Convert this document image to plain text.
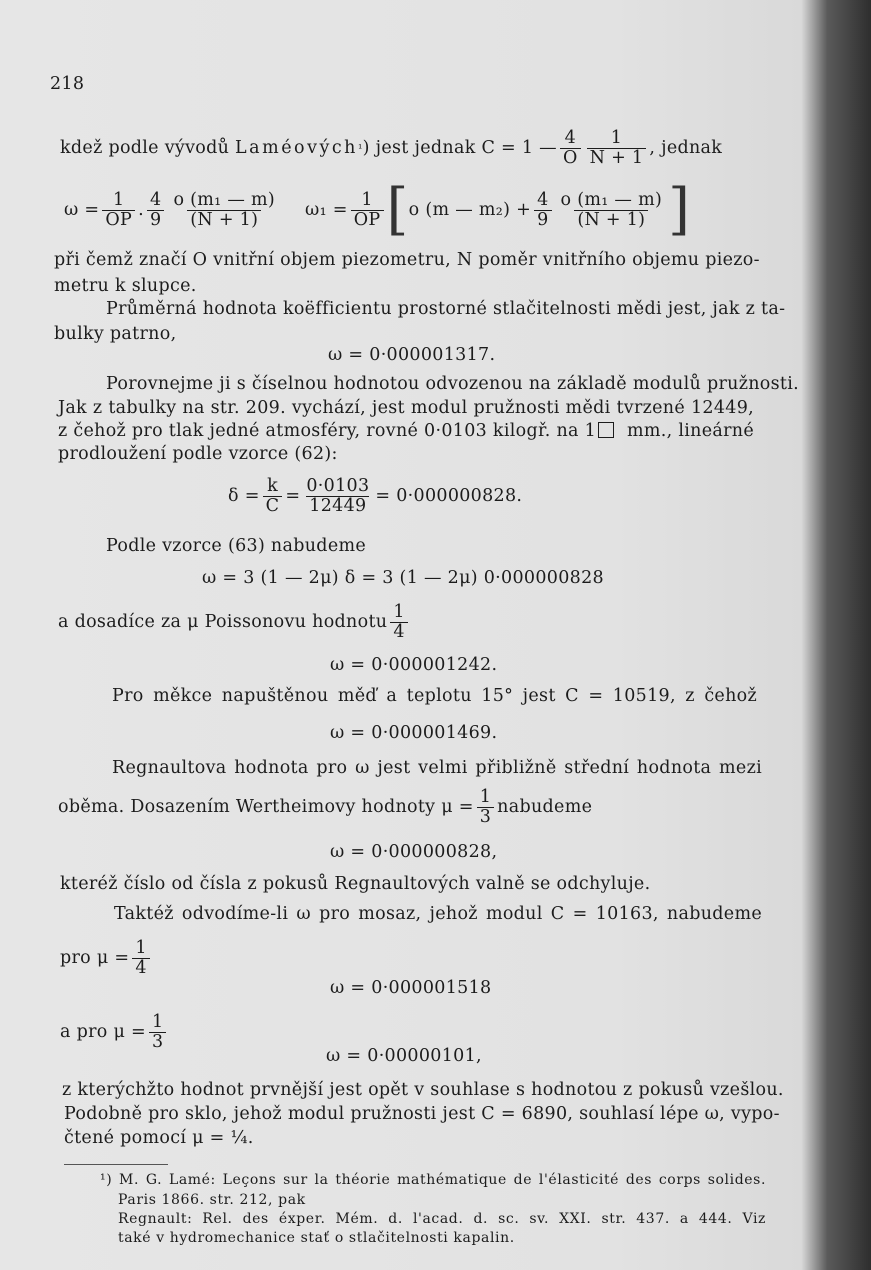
218
kdež podle vývodů
Laméových ¹ ) jest jednak
C = 1 — $\frac{4}{O} \frac{1}{N + 1}$ , jednak
$\omega = \frac{1}{OP}$ . $\frac{4}{9} \frac{\text{o (m₁ — m)}}{(N + 1)} \omega_1 = \frac{1}{OP}$ [ o (m — $m_2) + \frac{4}{9} \frac{\text{o (m₁ — m)}}{(N + 1)}$ ]
při čemž značí O vnitřní objem piezometru, N poměr vnitřního objemu piezo-
metru k slupce.
Průměrná hodnota koëfficientu prostorné stlačitelnosti mědi jest, jak z ta-
bulky patrno,
ω = 0·000001317.
Porovnejme ji s číselnou hodnotou odvozenou na základě modulů pružnosti.
Jak z tabulky na str. 209. vychází, jest modul pružnosti mědi tvrzené 12449,
z čehož pro tlak jedné atmosféry, rovné 0·0103 kilogř. na 1	mm., lineárné
prodloužení podle vzorce (62):
$\delta = \frac{k}{C} = \frac{0\cdot 0103}{12449} = 0\cdot 000000828$.
Podle vzorce (63) nabudeme
ω = 3 (1 — 2μ) δ = 3 (1 — 2μ) 0·000000828
a dosadíce za μ Poissonovu hodnotu $\frac{1}{4}$
ω = 0·000001242.
Pro měkce napuštěnou měď a teplotu 15° jest C = 10519, z čehož
ω = 0·000001469.
Regnaultova hodnota pro ω jest velmi přibližně střední hodnota mezi
oběma. Dosazením Wertheimovy hodnoty $\mu = \frac{1}{3}$ nabudeme
ω = 0·000000828,
kteréž číslo od čísla z pokusů Regnaultových valně se odchyluje.
Taktéž odvodíme-li ω pro mosaz, jehož modul C = 10163, nabudeme
pro $\mu = \frac{1}{4}$
ω = 0·000001518
a pro $\mu = \frac{1}{3}$
ω = 0·00000101,
z kterýchžto hodnot prvnější jest opět v souhlase s hodnotou z pokusů vzešlou.
Podobně pro sklo, jehož modul pružnosti jest C = 6890, souhlasí lépe ω, vypo-
čtené pomocí μ = ¼.
¹) M. G. Lamé: Leçons sur la théorie mathématique de l'élasticité des corps solides.
Paris 1866. str. 212, pak
Regnault: Rel. des éxper. Mém. d. l'acad. d. sc. sv. XXI. str. 437. a 444. Viz
také v hydromechanice stať o stlačitelnosti kapalin.
